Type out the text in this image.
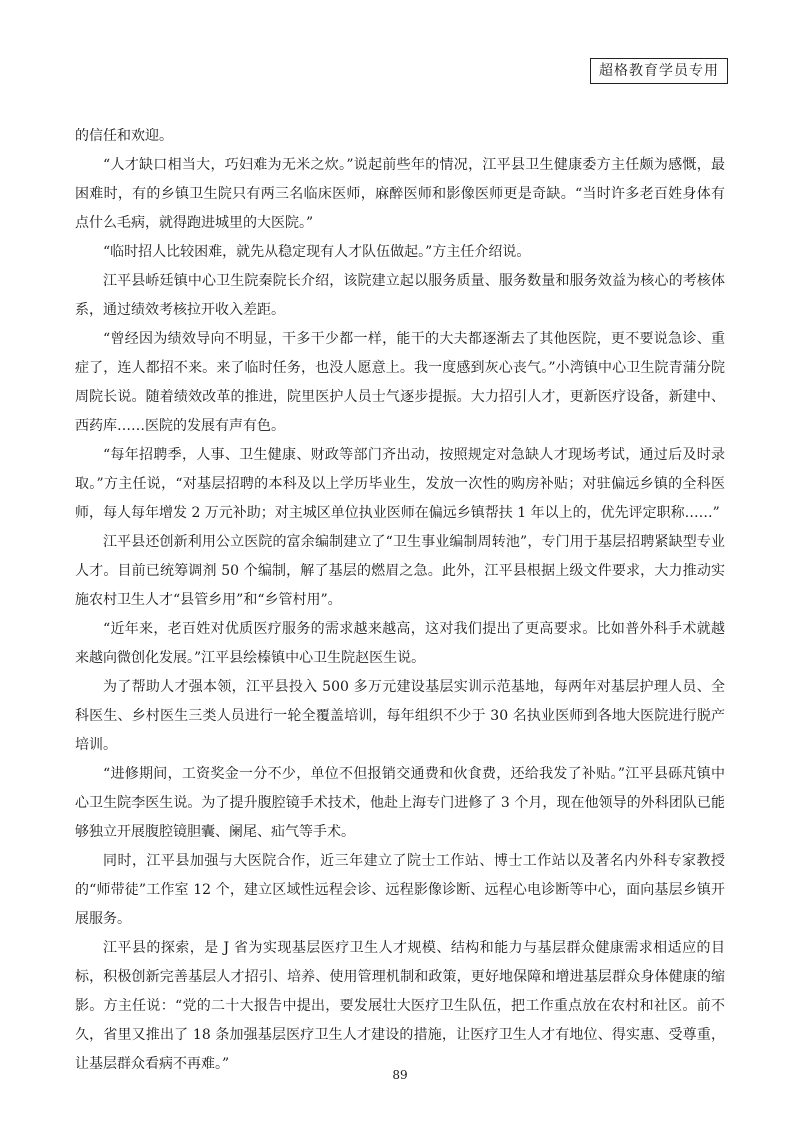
超格教育学员专用

的信任和欢迎。

“人才缺口相当大，巧妇难为无米之炊。”说起前些年的情况，江平县卫生健康委方主任颇为感慨，最困难时，有的乡镇卫生院只有两三名临床医师，麻醉医师和影像医师更是奇缺。“当时许多老百姓身体有点什么毛病，就得跑进城里的大医院。”

“临时招人比较困难，就先从稳定现有人才队伍做起。”方主任介绍说。

江平县峤廷镇中心卫生院秦院长介绍，该院建立起以服务质量、服务数量和服务效益为核心的考核体系，通过绩效考核拉开收入差距。

“曾经因为绩效导向不明显，干多干少都一样，能干的大夫都逐渐去了其他医院，更不要说急诊、重症了，连人都招不来。来了临时任务，也没人愿意上。我一度感到灰心丧气。”小湾镇中心卫生院青蒲分院周院长说。随着绩效改革的推进，院里医护人员士气逐步提振。大力招引人才，更新医疗设备，新建中、西药库……医院的发展有声有色。

“每年招聘季，人事、卫生健康、财政等部门齐出动，按照规定对急缺人才现场考试，通过后及时录取。”方主任说，“对基层招聘的本科及以上学历毕业生，发放一次性的购房补贴；对驻偏远乡镇的全科医师，每人每年增发 2 万元补助；对主城区单位执业医师在偏远乡镇帮扶 1 年以上的，优先评定职称……”

江平县还创新利用公立医院的富余编制建立了“卫生事业编制周转池”，专门用于基层招聘紧缺型专业人才。目前已统筹调剂 50 个编制，解了基层的燃眉之急。此外，江平县根据上级文件要求，大力推动实施农村卫生人才“县管乡用”和“乡管村用”。

“近年来，老百姓对优质医疗服务的需求越来越高，这对我们提出了更高要求。比如普外科手术就越来越向微创化发展。”江平县绘榛镇中心卫生院赵医生说。

为了帮助人才强本领，江平县投入 500 多万元建设基层实训示范基地，每两年对基层护理人员、全科医生、乡村医生三类人员进行一轮全覆盖培训，每年组织不少于 30 名执业医师到各地大医院进行脱产培训。

“进修期间，工资奖金一分不少，单位不但报销交通费和伙食费，还给我发了补贴。”江平县砾芃镇中心卫生院李医生说。为了提升腹腔镜手术技术，他赴上海专门进修了 3 个月，现在他领导的外科团队已能够独立开展腹腔镜胆囊、阑尾、疝气等手术。

同时，江平县加强与大医院合作，近三年建立了院士工作站、博士工作站以及著名内外科专家教授的“师带徒”工作室 12 个，建立区域性远程会诊、远程影像诊断、远程心电诊断等中心，面向基层乡镇开展服务。

江平县的探索，是 J 省为实现基层医疗卫生人才规模、结构和能力与基层群众健康需求相适应的目标，积极创新完善基层人才招引、培养、使用管理机制和政策，更好地保障和增进基层群众身体健康的缩影。方主任说：“党的二十大报告中提出，要发展壮大医疗卫生队伍，把工作重点放在农村和社区。前不久，省里又推出了 18 条加强基层医疗卫生人才建设的措施，让医疗卫生人才有地位、得实惠、受尊重，让基层群众看病不再难。”

89
